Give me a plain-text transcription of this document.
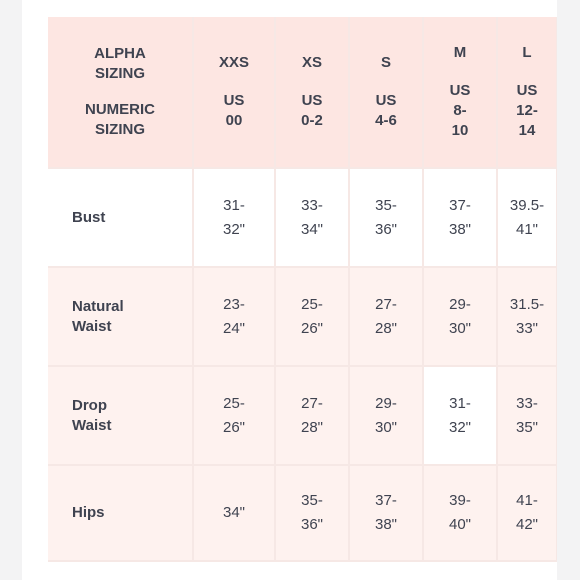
ALPHA SIZING
NUMERIC SIZING
XXS
US
00
XS
US
0-2
S
US
4-6
M
US
8-
10
L
US
12-
14
Bust
31-
32"
33-
34"
35-
36"
37-
38"
39.5-
41"
Natural Waist
23-
24"
25-
26"
27-
28"
29-
30"
31.5-
33"
Drop Waist
25-
26"
27-
28"
29-
30"
31-
32"
33-
35"
Hips	34"
35-
36"
37-
38"
39-
40"
41-
42"
